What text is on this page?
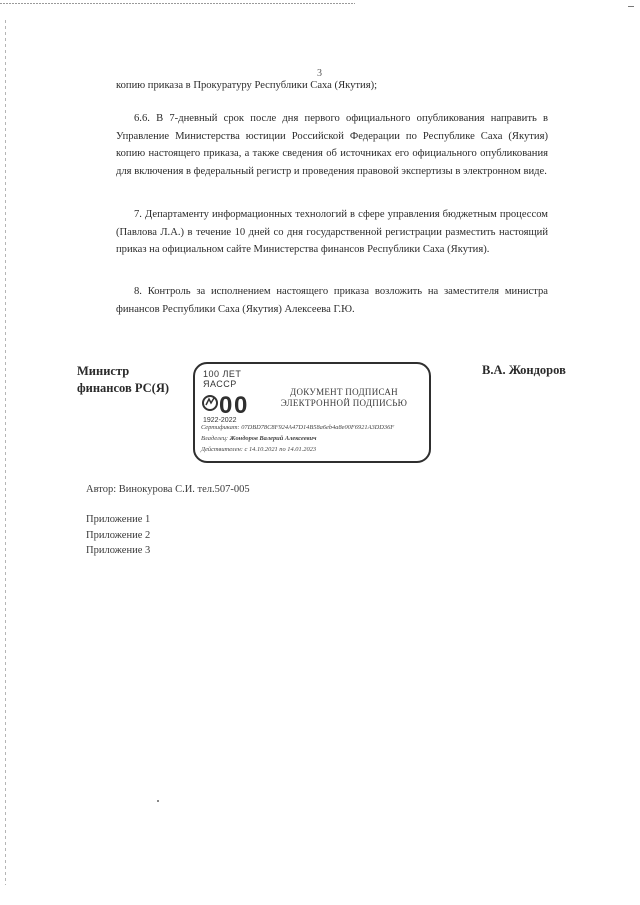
3
копию приказа в Прокуратуру Республики Саха (Якутия);
6.6. В 7-дневный срок после дня первого официального опубликования направить в Управление Министерства юстиции Российской Федерации по Республике Саха (Якутия) копию настоящего приказа, а также сведения об источниках его официального опубликования для включения в федеральный регистр и проведения правовой экспертизы в электронном виде.
7. Департаменту информационных технологий в сфере управления бюджетным процессом (Павлова Л.А.) в течение 10 дней со дня государственной регистрации разместить настоящий приказ на официальном сайте Министерства финансов Республики Саха (Якутия).
8. Контроль за исполнением настоящего приказа возложить на заместителя министра финансов Республики Саха (Якутия) Алексеева Г.Ю.
Министр
финансов РС(Я)
В.А. Жондоров
100 ЛЕТ
ЯАССР
0 0
1922-2022
ДОКУМЕНТ ПОДПИСАН
ЭЛЕКТРОННОЙ ПОДПИСЬЮ
Сертификат: 07DBD78C8F924A47D14B58a6eb4a8e00F6921A3DD36F
Владелец: Жондоров Валерий Алексеевич
Действителен: с 14.10.2021 по 14.01.2023
Автор: Винокурова С.И. тел.507-005
Приложение 1
Приложение 2
Приложение 3
